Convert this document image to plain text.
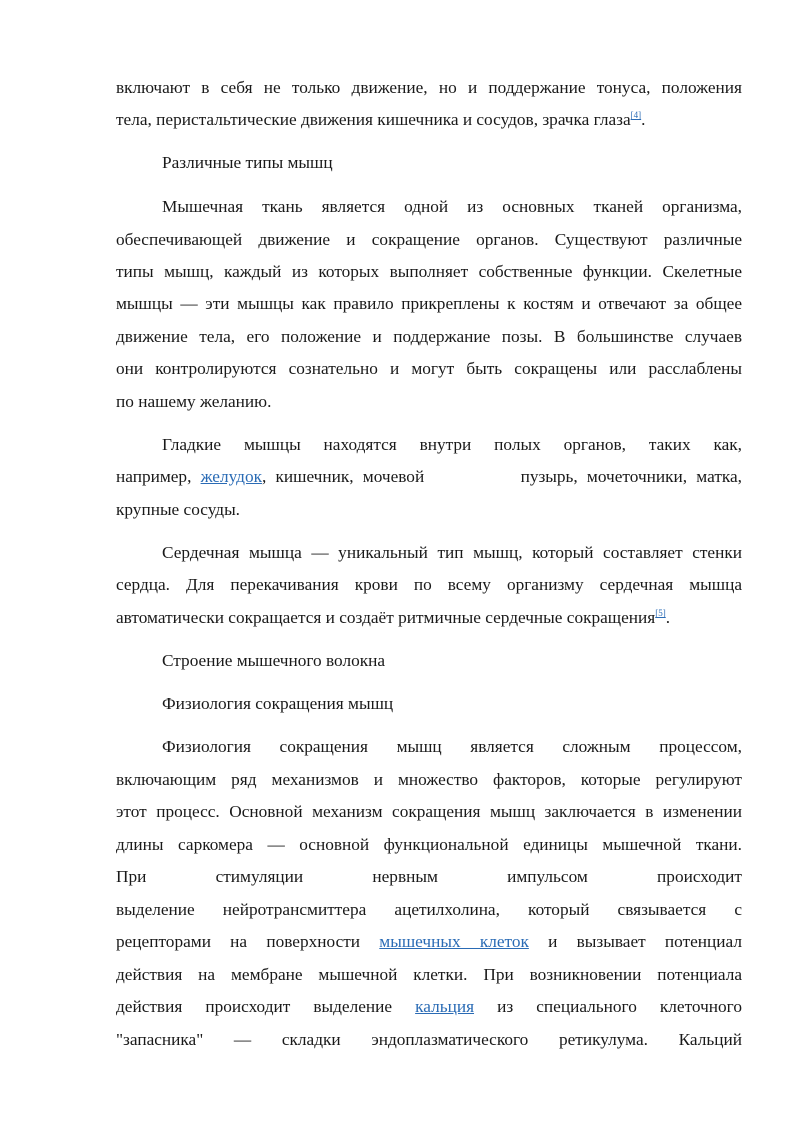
включают в себя не только движение, но и поддержание тонуса, положения
тела, перистальтические движения кишечника и сосудов, зрачка глаза[4].
Различные типы мышц
Мышечная ткань является одной из основных тканей организма,
обеспечивающей движение и сокращение органов. Существуют различные
типы мышц, каждый из которых выполняет собственные функции. Скелетные
мышцы — эти мышцы как правило прикреплены к костям и отвечают за общее
движение тела, его положение и поддержание позы. В большинстве случаев
они контролируются сознательно и могут быть сокращены или расслаблены
по нашему желанию.
Гладкие мышцы находятся внутри полых органов, таких как,
например, желудок, кишечник, мочевой	пузырь, мочеточники, матка,
крупные сосуды.
Сердечная мышца — уникальный тип мышц, который составляет стенки
сердца. Для перекачивания крови по всему организму сердечная мышца
автоматически сокращается и создаёт ритмичные сердечные сокращения[5].
Строение мышечного волокна
Физиология сокращения мышц
Физиология сокращения мышц является сложным процессом,
включающим ряд механизмов и множество факторов, которые регулируют
этот процесс. Основной механизм сокращения мышц заключается в изменении
длины саркомера — основной функциональной единицы мышечной ткани.
При стимуляции нервным импульсом происходит
выделение нейротрансмиттера ацетилхолина, который связывается с
рецепторами на поверхности мышечных клеток и вызывает потенциал
действия на мембране мышечной клетки. При возникновении потенциала
действия происходит выделение кальция из специального клеточного
"запасника" — складки эндоплазматического ретикулума. Кальций
